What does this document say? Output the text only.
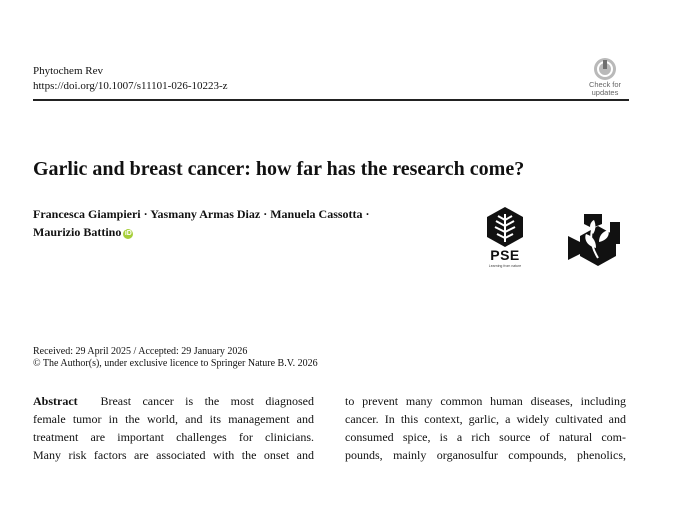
Phytochem Rev
https://doi.org/10.1007/s11101-026-10223-z	Check for updates
Garlic and breast cancer: how far has the research come?
Francesca Giampieri · Yasmany Armas Diaz · Manuela Cassotta ·
Maurizio Battino iD
PSE
Learning from nature
Received: 29 April 2025 / Accepted: 29 January 2026
© The Author(s), under exclusive licence to Springer Nature B.V. 2026
Abstract Breast cancer is the most diagnosed
female tumor in the world, and its management and
treatment are important challenges for clinicians.
Many risk factors are associated with the onset and
to prevent many common human diseases, including
cancer. In this context, garlic, a widely cultivated and
consumed spice, is a rich source of natural com-
pounds, mainly organosulfur compounds, phenolics,
